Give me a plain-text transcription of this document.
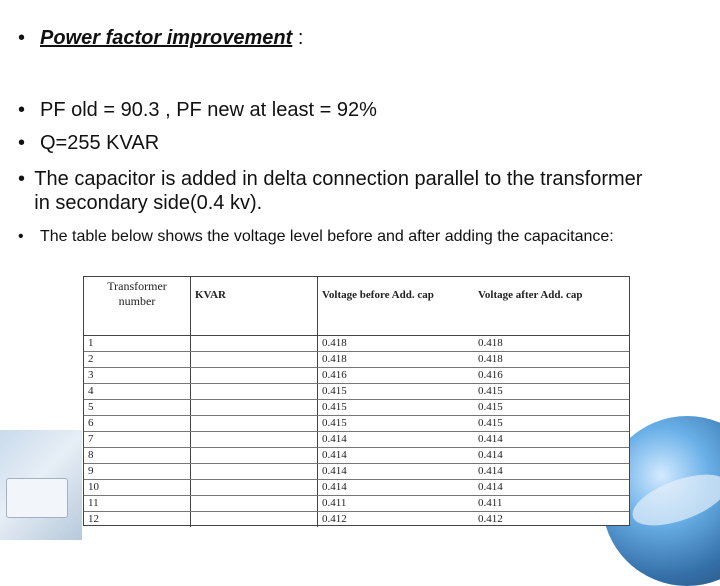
• Power factor improvement :
• PF old = 90.3 , PF new at least = 92%
• Q=255 KVAR
• The capacitor is added in delta connection parallel to the transformer in secondary side(0.4 kv).
•	The table below shows the voltage level before and after adding the capacitance:
Transformer number	KVAR	Voltage before Add. cap	Voltage after Add. cap
1		0.418	0.418
2		0.418	0.418
3		0.416	0.416
4		0.415	0.415
5		0.415	0.415
6		0.415	0.415
7		0.414	0.414
8		0.414	0.414
9		0.414	0.414
10		0.414	0.414
11		0.411	0.411
12		0.412	0.412
